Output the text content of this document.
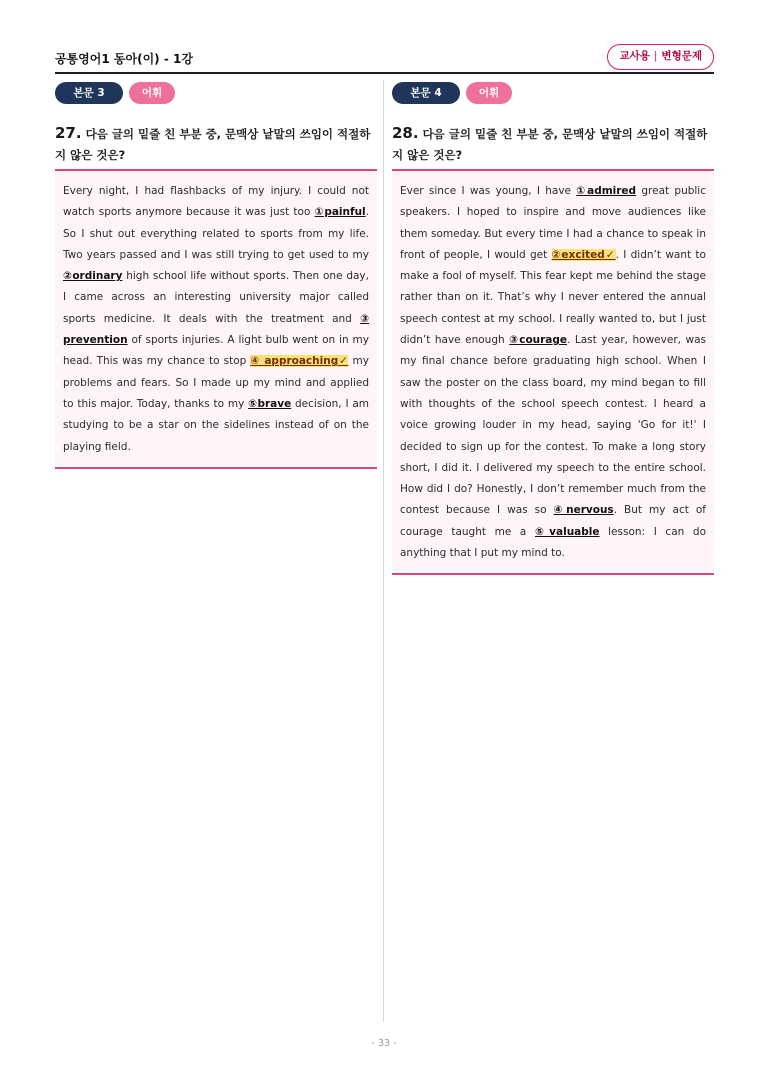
공통영어1 동아(이) - 1강	교사용 | 변형문제
본문 3	어휘
27. 다음 글의 밑줄 친 부분 중, 문맥상 낱말의 쓰임이 적절하지 않은 것은?
Every night, I had flashbacks of my injury. I could not watch sports anymore because it was just too ①painful. So I shut out everything related to sports from my life. Two years passed and I was still trying to get used to my ②ordinary high school life without sports. Then one day, I came across an interesting university major called sports medicine. It deals with the treatment and ③ prevention of sports injuries. A light bulb went on in my head. This was my chance to stop ④ approaching✓ my problems and fears. So I made up my mind and applied to this major. Today, thanks to my ⑤brave decision, I am studying to be a star on the sidelines instead of on the playing field.
본문 4	어휘
28. 다음 글의 밑줄 친 부분 중, 문맥상 낱말의 쓰임이 적절하지 않은 것은?
Ever since I was young, I have ①admired great public speakers. I hoped to inspire and move audiences like them someday. But every time I had a chance to speak in front of people, I would get ②excited✓. I didn’t want to make a fool of myself. This fear kept me behind the stage rather than on it. That’s why I never entered the annual speech contest at my school. I really wanted to, but I just didn’t have enough ③courage. Last year, however, was my final chance before graduating high school. When I saw the poster on the class board, my mind began to fill with thoughts of the school speech contest. I heard a voice growing louder in my head, saying 'Go for it!' I decided to sign up for the contest. To make a long story short, I did it. I delivered my speech to the entire school. How did I do? Honestly, I don’t remember much from the contest because I was so ④nervous. But my act of courage taught me a ⑤valuable lesson: I can do anything that I put my mind to.
- 33 -
